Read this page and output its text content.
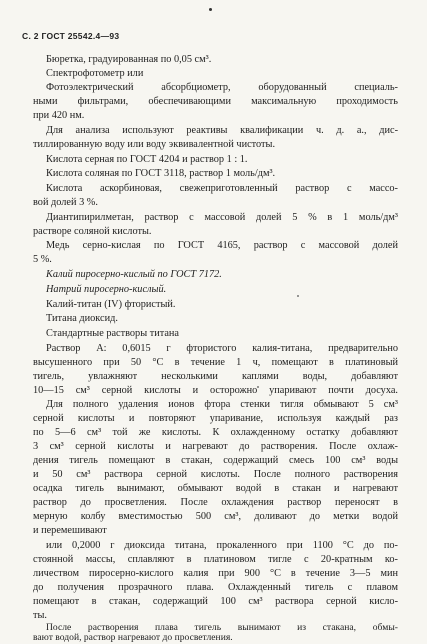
С. 2 ГОСТ 25542.4—93
Бюретка, градуированная по 0,05 см³.
Спектрофотометр или
Фотоэлектрический абсорбциометр, оборудованный специаль-
ными фильтрами, обеспечивающими максимальную проходимость
при 420 нм.
Для анализа используют реактивы квалификации ч. д. а., дис-
тиллированную воду или воду эквивалентной чистоты.
Кислота серная по ГОСТ 4204 и раствор 1 : 1.
Кислота соляная по ГОСТ 3118, раствор 1 моль/дм³.
Кислота аскорбиновая, свежеприготовленный раствор с массо-
вой долей 3 %.
Диантипирилметан, раствор с массовой долей 5 % в 1 моль/дм³
растворе соляной кислоты.
Медь серно-кислая по ГОСТ 4165, раствор с массовой долей
5 %.
Калий пиросерно-кислый по ГОСТ 7172.
Натрий пиросерно-кислый.
Калий-титан (IV) фтористый.
Титана диоксид.
Стандартные растворы титана
Раствор А: 0,6015 г фтористого калия-титана, предварительно
высушенного при 50 °С в течение 1 ч, помещают в платиновый
тигель, увлажняют несколькими каплями воды, добавляют
10—15 см³ серной кислоты и осторожно упаривают почти досуха.
Для полного удаления ионов фтора стенки тигля обмывают 5 см³
серной кислоты и повторяют упаривание, используя каждый раз
по 5—6 см³ той же кислоты. К охлажденному остатку добавляют
3 см³ серной кислоты и нагревают до растворения. После охлаж-
дения тигель помещают в стакан, содержащий смесь 100 см³ воды
и 50 см³ раствора серной кислоты. После полного растворения
осадка тигель вынимают, обмывают водой в стакан и нагревают
раствор до просветления. После охлаждения раствор переносят в
мерную колбу вместимостью 500 см³, доливают до метки водой
и перемешивают
или 0,2000 г диоксида титана, прокаленного при 1100 °С до по-
стоянной массы, сплавляют в платиновом тигле с 20-кратным ко-
личеством пиросерно-кислого калия при 900 °С в течение 3—5 мин
до получения прозрачного плава. Охлажденный тигель с плавом
помещают в стакан, содержащий 100 см³ раствора серной кисло-
ты.
После растворения плава тигель вынимают из стакана, обмы-
вают водой, раствор нагревают до просветления.
